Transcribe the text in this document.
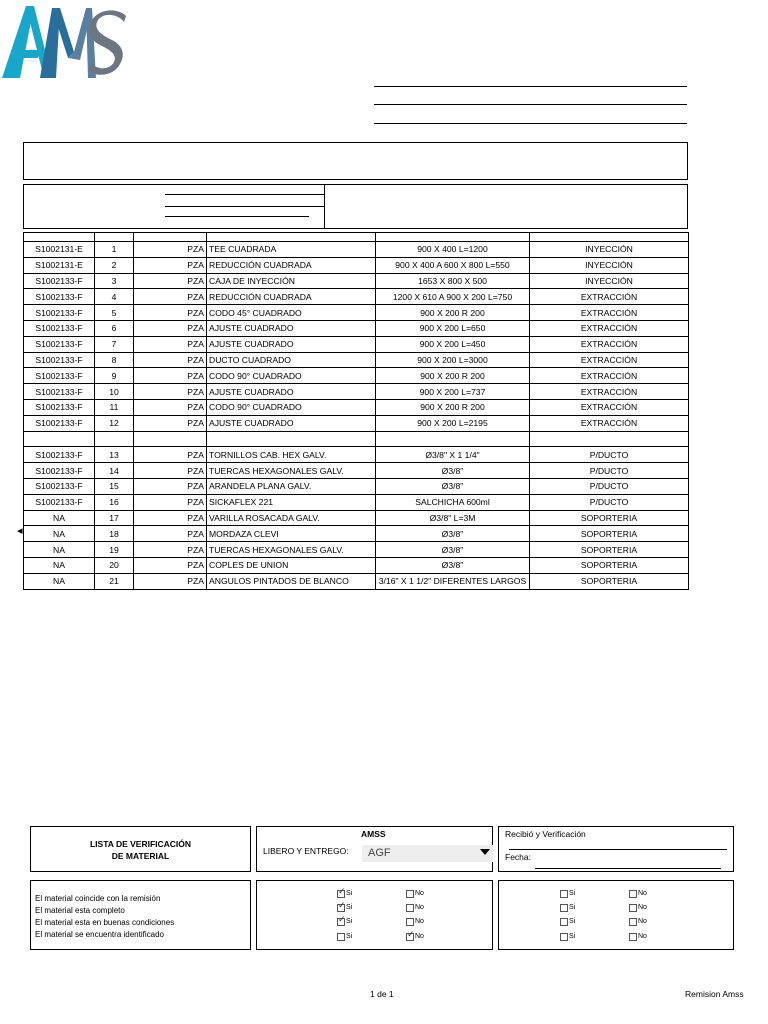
S1002131-E	1	PZA	TEE CUADRADA	900 X 400 L=1200	INYECCIÓN
S1002131-E	2	PZA	REDUCCIÓN CUADRADA	900 X 400 A 600 X 800 L=550	INYECCIÓN
S1002133-F	3	PZA	CAJA DE INYECCIÓN	1653 X 800 X 500	INYECCIÓN
S1002133-F	4	PZA	REDUCCIÓN CUADRADA	1200 X 610 A 900 X 200 L=750	EXTRACCIÓN
S1002133-F	5	PZA	CODO 45° CUADRADO	900 X 200 R 200	EXTRACCIÓN
S1002133-F	6	PZA	AJUSTE CUADRADO	900 X 200 L=650	EXTRACCIÓN
S1002133-F	7	PZA	AJUSTE CUADRADO	900 X 200 L=450	EXTRACCIÓN
S1002133-F	8	PZA	DUCTO CUADRADO	900 X 200 L=3000	EXTRACCIÓN
S1002133-F	9	PZA	CODO 90° CUADRADO	900 X 200 R 200	EXTRACCIÓN
S1002133-F	10	PZA	AJUSTE CUADRADO	900 X 200 L=737	EXTRACCIÓN
S1002133-F	11	PZA	CODO 90° CUADRADO	900 X 200 R 200	EXTRACCIÓN
S1002133-F	12	PZA	AJUSTE CUADRADO	900 X 200 L=2195	EXTRACCIÓN

S1002133-F	13	PZA	TORNILLOS CAB. HEX GALV.	Ø3/8" X 1 1/4"	P/DUCTO
S1002133-F	14	PZA	TUERCAS HEXAGONALES GALV.	Ø3/8"	P/DUCTO
S1002133-F	15	PZA	ARANDELA PLANA GALV.	Ø3/8"	P/DUCTO
S1002133-F	16	PZA	SICKAFLEX 221	SALCHICHA 600ml	P/DUCTO
NA	17	PZA	VARILLA ROSACADA GALV.	Ø3/8" L=3M	SOPORTERIA
NA	18	PZA	MORDAZA CLEVI	Ø3/8"	SOPORTERIA
NA	19	PZA	TUERCAS HEXAGONALES GALV.	Ø3/8"	SOPORTERIA
NA	20	PZA	COPLES DE UNION	Ø3/8"	SOPORTERIA
NA	21	PZA	ANGULOS PINTADOS DE BLANCO	3/16" X 1 1/2" DIFERENTES LARGOS	SOPORTERIA
◂
LISTA DE VERIFICACIÓN
DE MATERIAL
AMSS
LIBERO Y ENTREGO: AGF
Recibió y Verificación
Fecha:
El material coincide con la remisión
El material esta completo
El material esta en buenas condiciones
El material se encuentra identificado
✓Si	No
✓Si	No
✓Si	No
Si ✓	No
Si	No
Si	No
Si	No
Si	No
1 de 1	Remision Amss
